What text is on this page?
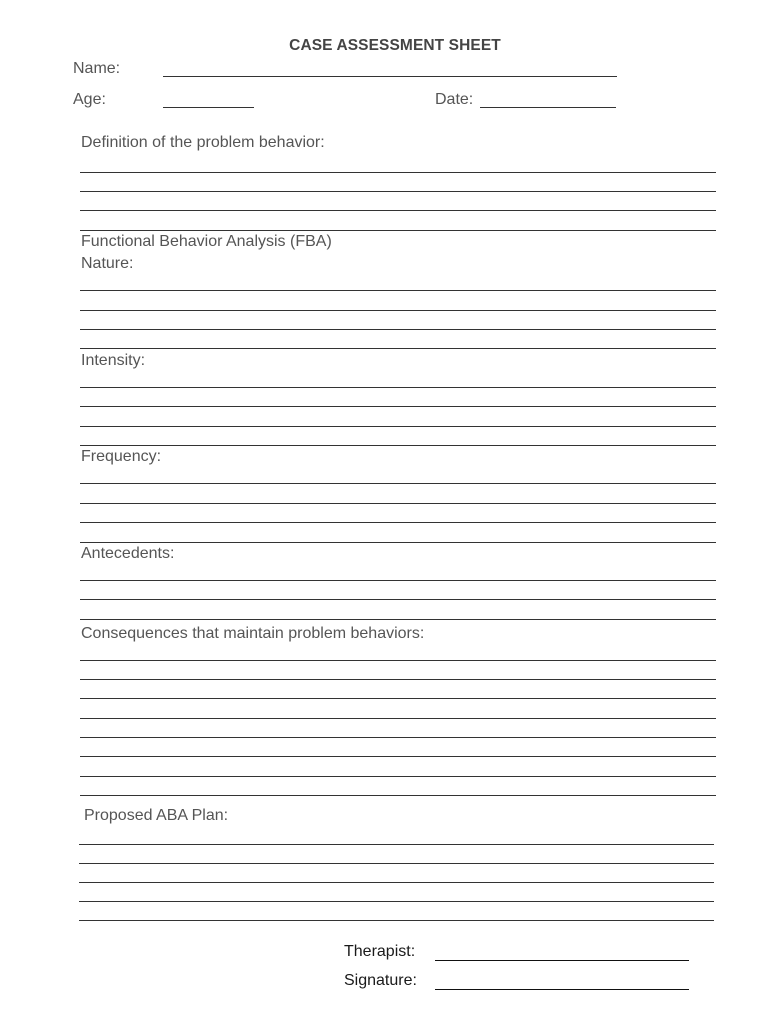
CASE ASSESSMENT SHEET
Name:
Age:	Date:
Definition of the problem behavior:
Functional Behavior Analysis (FBA)
Nature:
Intensity:
Frequency:
Antecedents:
Consequences that maintain problem behaviors:
Proposed ABA Plan:
Therapist:
Signature:
